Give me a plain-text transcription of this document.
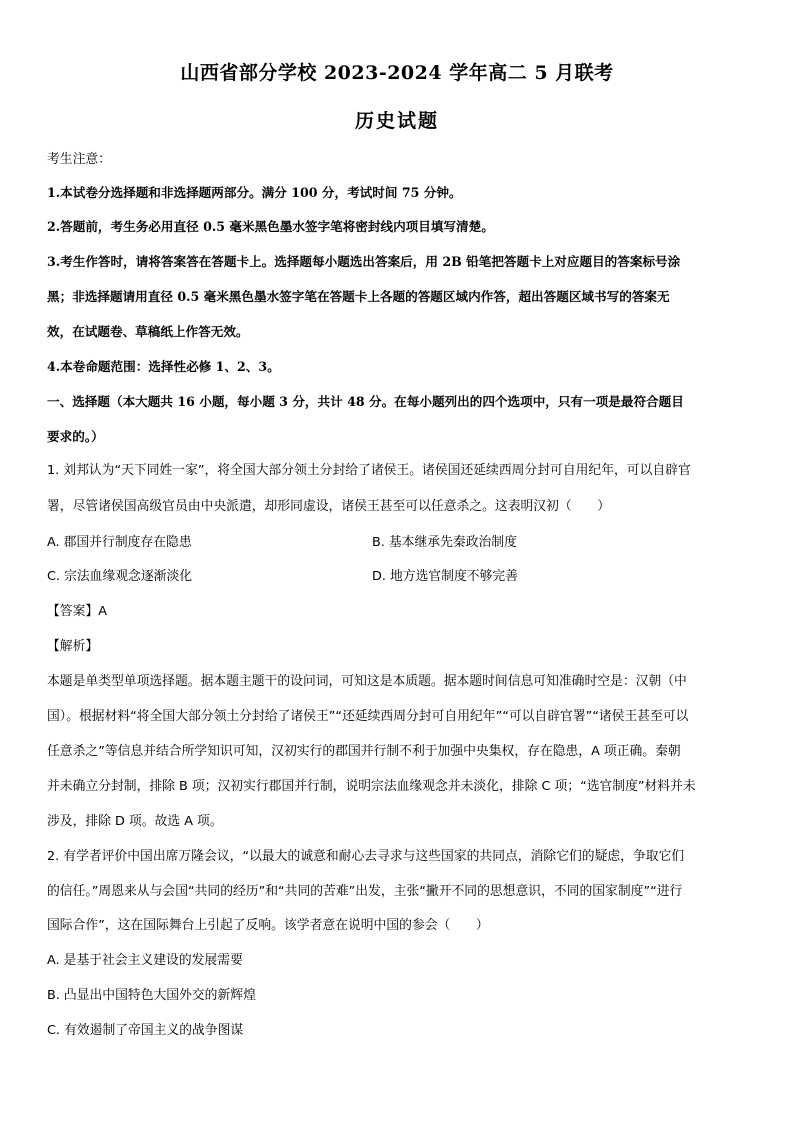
山西省部分学校 2023-2024 学年高二 5 月联考
历史试题
考生注意：
1.本试卷分选择题和非选择题两部分。满分 100 分，考试时间 75 分钟。
2.答题前，考生务必用直径 0.5 毫米黑色墨水签字笔将密封线内项目填写清楚。
3.考生作答时，请将答案答在答题卡上。选择题每小题选出答案后，用 2B 铅笔把答题卡上对应题目的答案标号涂
黑；非选择题请用直径 0.5 毫米黑色墨水签字笔在答题卡上各题的答题区域内作答，超出答题区域书写的答案无
效，在试题卷、草稿纸上作答无效。
4.本卷命题范围：选择性必修 1、2、3。
一、选择题（本大题共 16 小题，每小题 3 分，共计 48 分。在每小题列出的四个选项中，只有一项是最符合题目
要求的。）
1. 刘邦认为“天下同姓一家”，将全国大部分领土分封给了诸侯王。诸侯国还延续西周分封可自用纪年，可以自辟官
署，尽管诸侯国高级官员由中央派遣，却形同虚设，诸侯王甚至可以任意杀之。这表明汉初（　　）
A. 郡国并行制度存在隐患	B. 基本继承先秦政治制度
C. 宗法血缘观念逐渐淡化	D. 地方选官制度不够完善
【答案】A
【解析】
本题是单类型单项选择题。据本题主题干的设问词，可知这是本质题。据本题时间信息可知准确时空是：汉朝（中
国）。根据材料“将全国大部分领土分封给了诸侯王”“还延续西周分封可自用纪年”“可以自辟官署”“诸侯王甚至可以
任意杀之”等信息并结合所学知识可知，汉初实行的郡国并行制不利于加强中央集权，存在隐患，A 项正确。秦朝
并未确立分封制，排除 B 项；汉初实行郡国并行制，说明宗法血缘观念并未淡化，排除 C 项；“选官制度”材料并未
涉及，排除 D 项。故选 A 项。
2. 有学者评价中国出席万隆会议，“以最大的诚意和耐心去寻求与这些国家的共同点，消除它们的疑虑，争取它们
的信任。”周恩来从与会国“共同的经历”和“共同的苦难”出发，主张“撇开不同的思想意识，不同的国家制度”“进行
国际合作”，这在国际舞台上引起了反响。该学者意在说明中国的参会（　　）
A. 是基于社会主义建设的发展需要
B. 凸显出中国特色大国外交的新辉煌
C. 有效遏制了帝国主义的战争图谋
